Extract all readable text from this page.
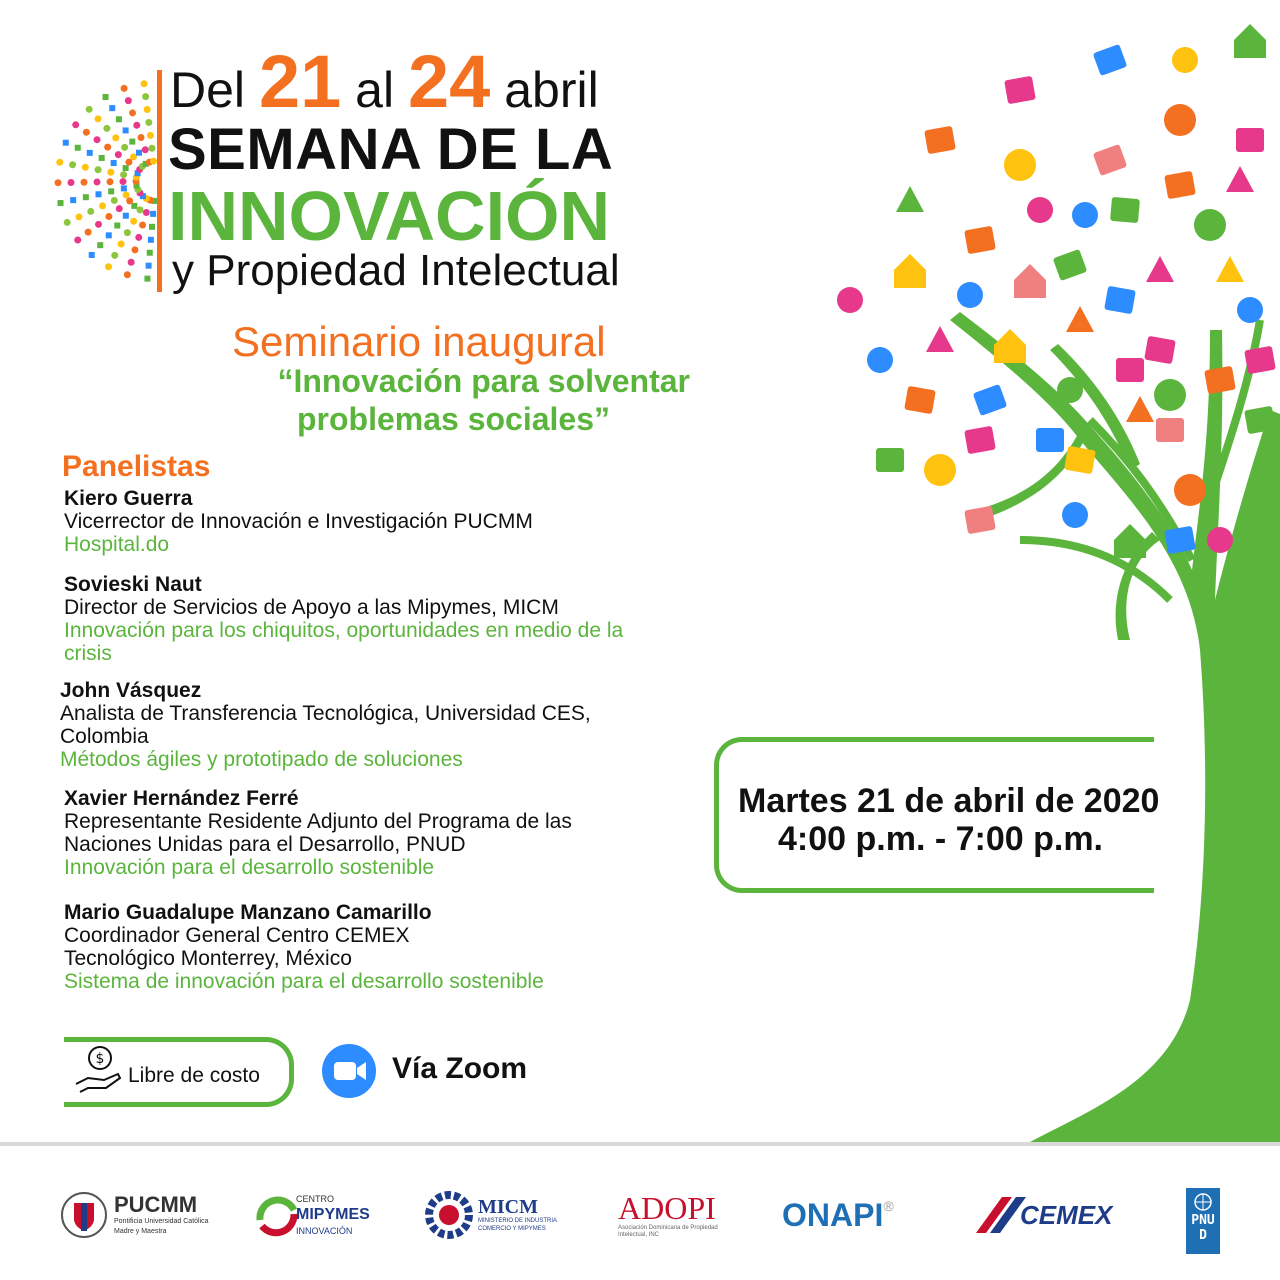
Del 21 al 24 abril
SEMANA DE LA
INNOVACIÓN
y Propiedad Intelectual
Seminario inaugural
“Innovación para solventar
problemas sociales”
Panelistas
Kiero Guerra
Vicerrector de Innovación e Investigación PUCMM
Hospital.do
Sovieski Naut
Director de Servicios de Apoyo a las Mipymes, MICM
Innovación para los chiquitos, oportunidades en medio de la crisis
John Vásquez
Analista de Transferencia Tecnológica, Universidad CES, Colombia
Métodos ágiles y prototipado de soluciones
Xavier Hernández Ferré
Representante Residente Adjunto del Programa de las Naciones Unidas para el Desarrollo, PNUD
Innovación para el desarrollo sostenible
Mario Guadalupe Manzano Camarillo
Coordinador General Centro CEMEX Tecnológico Monterrey, México
Sistema de innovación para el desarrollo sostenible
Martes 21 de abril de 2020
4:00 p.m. - 7:00 p.m.
$
Libre de costo	Vía Zoom
PUCMM
Pontificia Universidad Católica
Madre y Maestra
CENTRO
MIPYMES
INNOVACIÓN
MICM
MINISTERIO DE INDUSTRIA
COMERCIO Y MIPYMES
ADOPI
Asociación Dominicana de Propiedad Intelectual, INC
ONAPI ®	CEMEX	PNUD
